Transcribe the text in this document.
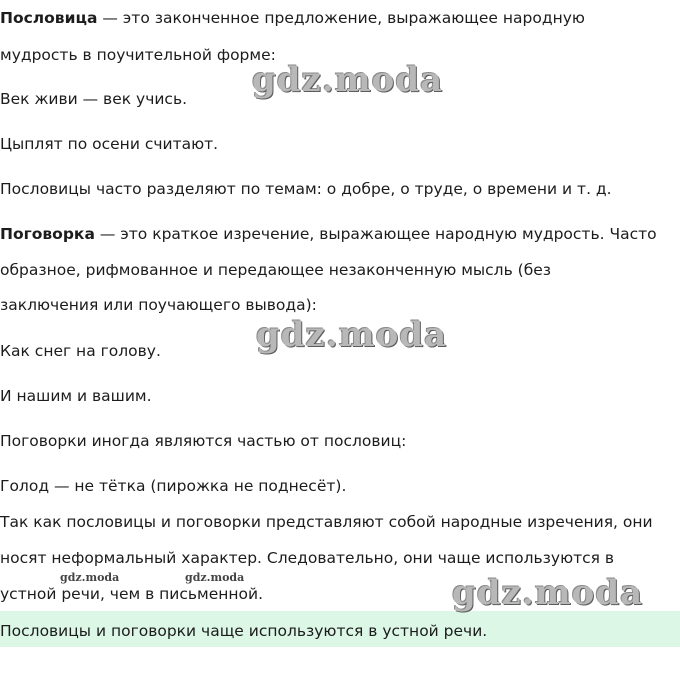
Пословица — это законченное предложение, выражающее народную
мудрость в поучительной форме:
Век живи — век учись.
Цыплят по осени считают.
Пословицы часто разделяют по темам: о добре, о труде, о времени и т. д.
Поговорка — это краткое изречение, выражающее народную мудрость. Часто
образное, рифмованное и передающее незаконченную мысль (без
заключения или поучающего вывода):
Как снег на голову.
И нашим и вашим.
Поговорки иногда являются частью от пословиц:
Голод — не тётка (пирожка не поднесёт).
Так как пословицы и поговорки представляют собой народные изречения, они
носят неформальный характер. Следовательно, они чаще используются в
устной речи, чем в письменной.
Пословицы и поговорки чаще используются в устной речи.
gdz.moda
gdz.moda
gdz.moda
gdz.moda	gdz.moda
